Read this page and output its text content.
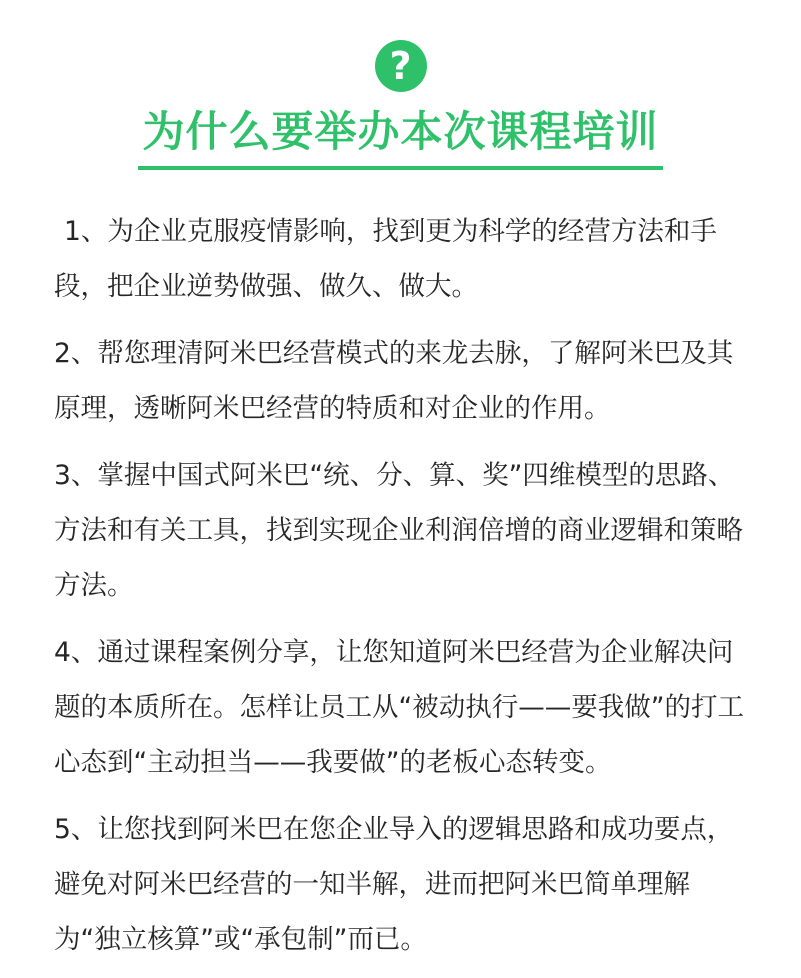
?
为什么要举办本次课程培训

1、为企业克服疫情影响，找到更为科学的经营方法和手段，把企业逆势做强、做久、做大。

2、帮您理清阿米巴经营模式的来龙去脉，了解阿米巴及其原理，透晰阿米巴经营的特质和对企业的作用。

3、掌握中国式阿米巴“统、分、算、奖”四维模型的思路、方法和有关工具，找到实现企业利润倍增的商业逻辑和策略方法。

4、通过课程案例分享，让您知道阿米巴经营为企业解决问题的本质所在。怎样让员工从“被动执行——要我做”的打工心态到“主动担当——我要做”的老板心态转变。

5、让您找到阿米巴在您企业导入的逻辑思路和成功要点，避免对阿米巴经营的一知半解，进而把阿米巴简单理解为“独立核算”或“承包制”而已。
